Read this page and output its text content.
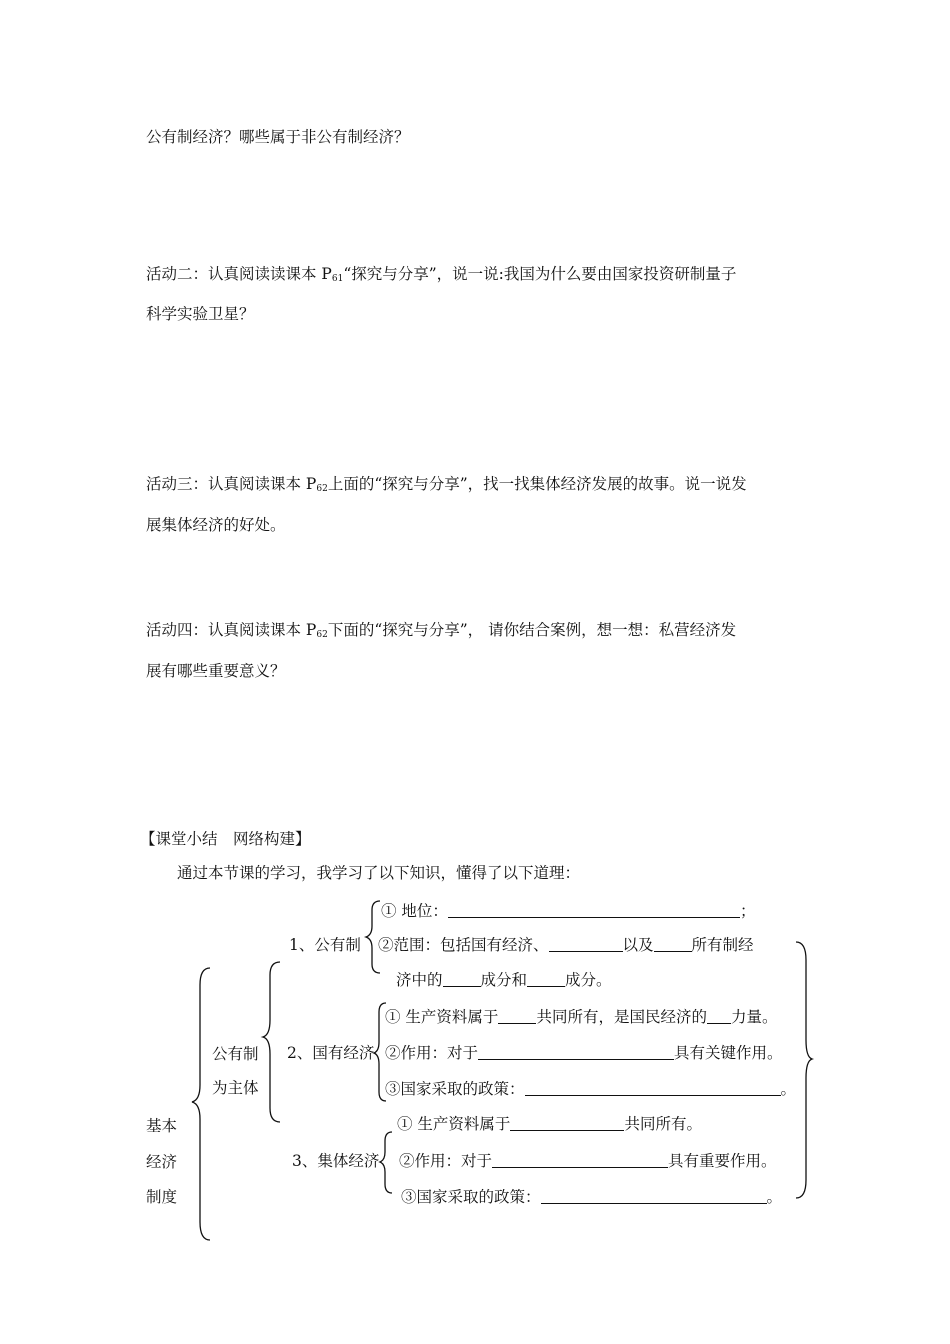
公有制经济？哪些属于非公有制经济？
活动二：认真阅读读课本 $P_{61}“$探究与分享”，说一说:我国为什么要由国家投资研制量子
科学实验卫星？
活动三：认真阅读课本 $P_{62}$上面的“探究与分享”，找一找集体经济发展的故事。说一说发
展集体经济的好处。
活动四：认真阅读课本 $P_{62}$下面的“探究与分享”， 请你结合案例，想一想：私营经济发
展有哪些重要意义？
【课堂小结　网络构建】
通过本节课的学习，我学习了以下知识，懂得了以下道理：
基本
经济
制度
公有制
为主体
1、公有制
① 地位：	；
②范围：包括国有经济、	以及 所有制经
济中的 成分和 成分。
2、国有经济
① 生产资料属于 共同所有，是国民经济的 力量。
②作用：对于	具有关键作用。
③国家采取的政策：	。
3、集体经济
① 生产资料属于	共同所有。
②作用：对于	具有重要作用。
③国家采取的政策：	。
